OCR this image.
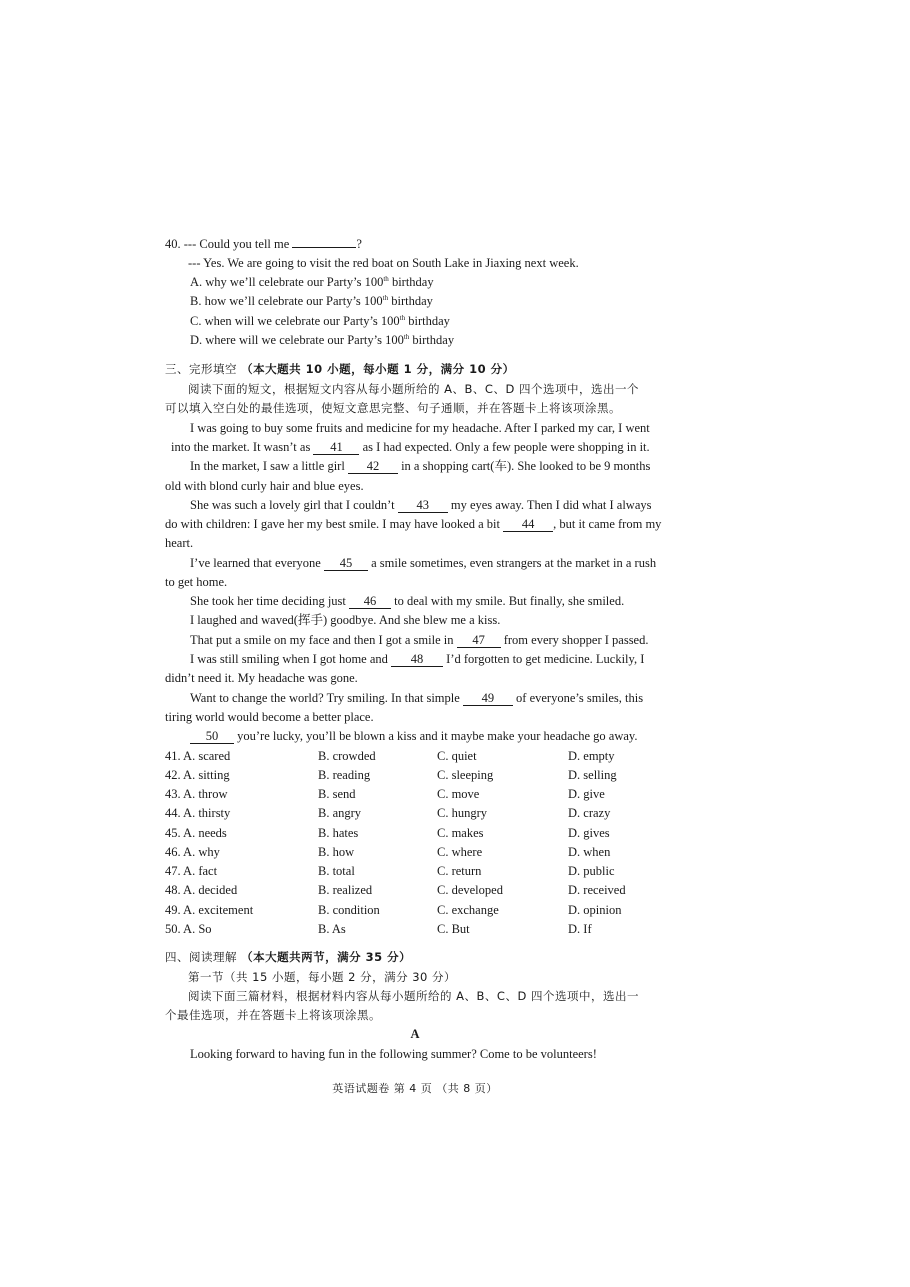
40. --- Could you tell me	?
--- Yes. We are going to visit the red boat on South Lake in Jiaxing next week.
A. why we’ll celebrate our Party’s 100th birthday
B. how we’ll celebrate our Party’s 100th birthday
C. when will we celebrate our Party’s 100th birthday
D. where will we celebrate our Party’s 100th birthday
三、完形填空 （本大题共 10 小题，每小题 1 分，满分 10 分）
阅读下面的短文，根据短文内容从每小题所给的 A、B、C、D 四个选项中，选出一个
可以填入空白处的最佳选项，使短文意思完整、句子通顺，并在答题卡上将该项涂黑。
I was going to buy some fruits and medicine for my headache. After I parked my car, I went
into the market. It wasn’t as 41 as I had expected. Only a few people were shopping in it.
In the market, I saw a little girl 42 in a shopping cart(车). She looked to be 9 months
old with blond curly hair and blue eyes.
She was such a lovely girl that I couldn’t 43 my eyes away. Then I did what I always
do with children: I gave her my best smile. I may have looked a bit 44 , but it came from my
heart.
I’ve learned that everyone 45 a smile sometimes, even strangers at the market in a rush
to get home.
She took her time deciding just 46 to deal with my smile. But finally, she smiled.
I laughed and waved(挥手) goodbye. And she blew me a kiss.
That put a smile on my face and then I got a smile in 47 from every shopper I passed.
I was still smiling when I got home and 48 I’d forgotten to get medicine. Luckily, I
didn’t need it. My headache was gone.
Want to change the world? Try smiling. In that simple 49 of everyone’s smiles, this
tiring world would become a better place.
50 you’re lucky, you’ll be blown a kiss and it maybe make your headache go away.
41. A. scared	B. crowded	C. quiet	D. empty
42. A. sitting	B. reading	C. sleeping	D. selling
43. A. throw	B. send	C. move	D. give
44. A. thirsty	B. angry	C. hungry	D. crazy
45. A. needs	B. hates	C. makes	D. gives
46. A. why	B. how	C. where	D. when
47. A. fact	B. total	C. return	D. public
48. A. decided	B. realized	C. developed	D. received
49. A. excitement	B. condition	C. exchange	D. opinion
50. A. So	B. As	C. But	D. If
四、阅读理解 （本大题共两节，满分 35 分）
第一节（共 15 小题，每小题 2 分，满分 30 分）
阅读下面三篇材料，根据材料内容从每小题所给的 A、B、C、D 四个选项中，选出一
个最佳选项，并在答题卡上将该项涂黑。
A
Looking forward to having fun in the following summer? Come to be volunteers!
英语试题卷 第 4 页 （共 8 页）
